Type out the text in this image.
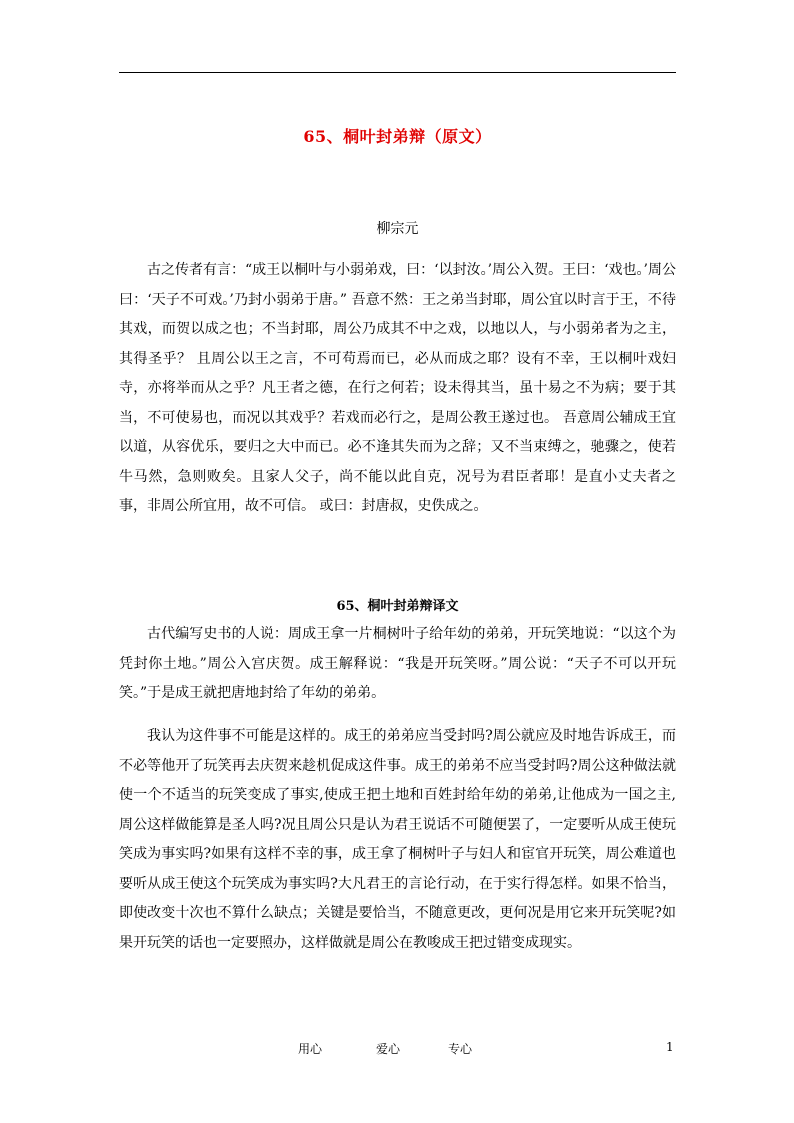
65、桐叶封弟辩（原文）
柳宗元

古之传者有言：“成王以桐叶与小弱弟戏，曰：‘以封汝。’周公入贺。王曰：‘戏也。’周公曰：‘天子不可戏。’乃封小弱弟于唐。” 吾意不然：王之弟当封耶，周公宜以时言于王，不待其戏，而贺以成之也；不当封耶，周公乃成其不中之戏，以地以人，与小弱弟者为之主，其得圣乎？ 且周公以王之言，不可苟焉而已，必从而成之耶？设有不幸，王以桐叶戏妇寺，亦将举而从之乎？凡王者之德，在行之何若；设未得其当，虽十易之不为病；要于其当，不可使易也，而况以其戏乎？若戏而必行之，是周公教王遂过也。 吾意周公辅成王宜以道，从容优乐，要归之大中而已。必不逢其失而为之辞；又不当束缚之，驰骤之，使若牛马然，急则败矣。且家人父子，尚不能以此自克，况号为君臣者耶！是直小丈夫者之事，非周公所宜用，故不可信。 或曰：封唐叔，史佚成之。

65、桐叶封弟辩译文

古代编写史书的人说：周成王拿一片桐树叶子给年幼的弟弟，开玩笑地说：“以这个为凭封你土地。”周公入宫庆贺。成王解释说：“我是开玩笑呀。”周公说：“天子不可以开玩笑。”于是成王就把唐地封给了年幼的弟弟。

我认为这件事不可能是这样的。成王的弟弟应当受封吗?周公就应及时地告诉成王，而不必等他开了玩笑再去庆贺来趁机促成这件事。成王的弟弟不应当受封吗?周公这种做法就使一个不适当的玩笑变成了事实,使成王把土地和百姓封给年幼的弟弟,让他成为一国之主,周公这样做能算是圣人吗?况且周公只是认为君王说话不可随便罢了，一定要听从成王使玩笑成为事实吗?如果有这样不幸的事，成王拿了桐树叶子与妇人和宦官开玩笑，周公难道也要听从成王使这个玩笑成为事实吗?大凡君王的言论行动，在于实行得怎样。如果不恰当，即使改变十次也不算什么缺点；关键是要恰当，不随意更改，更何况是用它来开玩笑呢?如果开玩笑的话也一定要照办，这样做就是周公在教唆成王把过错变成现实。

用心	爱心	专心	1
